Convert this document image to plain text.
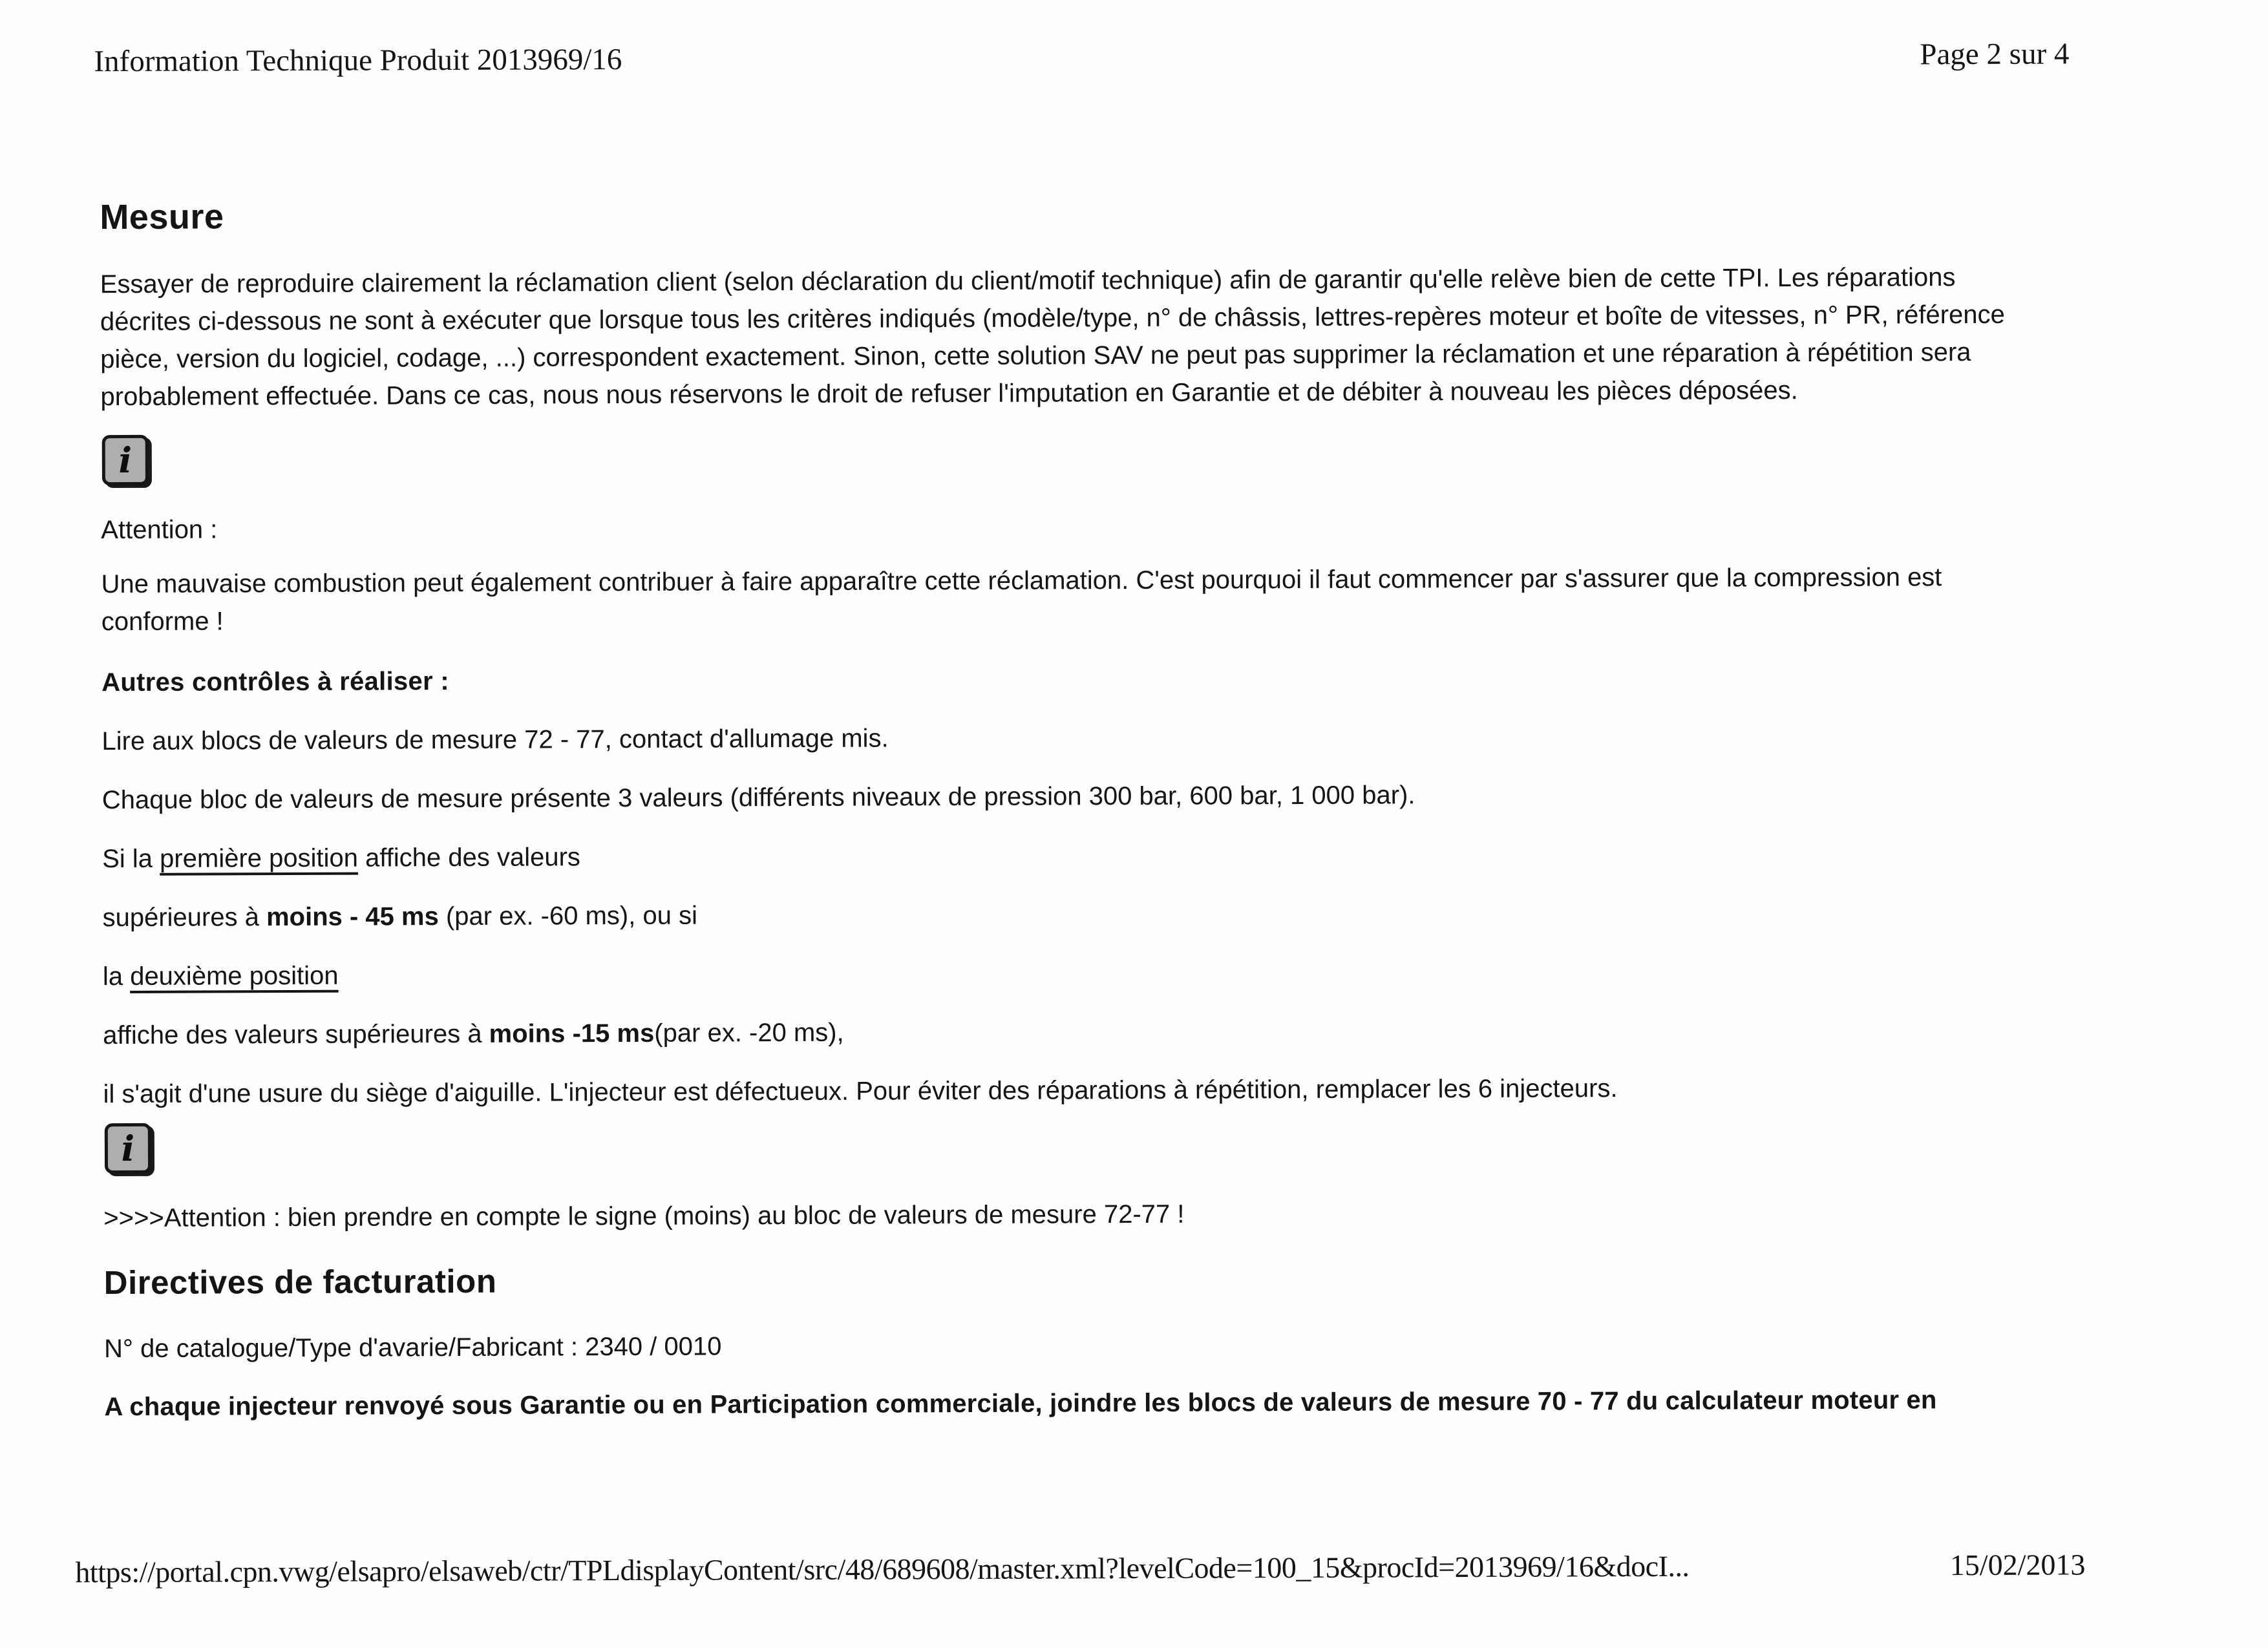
Information Technique Produit 2013969/16	Page 2 sur 4
Mesure

Essayer de reproduire clairement la réclamation client (selon déclaration du client/motif technique) afin de garantir qu'elle relève bien de cette TPI. Les réparations décrites ci-dessous ne sont à exécuter que lorsque tous les critères indiqués (modèle/type, n° de châssis, lettres-repères moteur et boîte de vitesses, n° PR, référence pièce, version du logiciel, codage, ...) correspondent exactement. Sinon, cette solution SAV ne peut pas supprimer la réclamation et une réparation à répétition sera probablement effectuée. Dans ce cas, nous nous réservons le droit de refuser l'imputation en Garantie et de débiter à nouveau les pièces déposées.

i

Attention :

Une mauvaise combustion peut également contribuer à faire apparaître cette réclamation. C'est pourquoi il faut commencer par s'assurer que la compression est conforme !

Autres contrôles à réaliser :

Lire aux blocs de valeurs de mesure 72 - 77, contact d'allumage mis.

Chaque bloc de valeurs de mesure présente 3 valeurs (différents niveaux de pression 300 bar, 600 bar, 1 000 bar).

Si la première position affiche des valeurs

supérieures à moins - 45 ms (par ex. -60 ms), ou si

la deuxième position

affiche des valeurs supérieures à moins -15 ms(par ex. -20 ms),

il s'agit d'une usure du siège d'aiguille. L'injecteur est défectueux. Pour éviter des réparations à répétition, remplacer les 6 injecteurs.

i

>>>>Attention : bien prendre en compte le signe (moins) au bloc de valeurs de mesure 72-77 !

Directives de facturation

N° de catalogue/Type d'avarie/Fabricant : 2340 / 0010

A chaque injecteur renvoyé sous Garantie ou en Participation commerciale, joindre les blocs de valeurs de mesure 70 - 77 du calculateur moteur en

https://portal.cpn.vwg/elsapro/elsaweb/ctr/TPLdisplayContent/src/48/689608/master.xml?levelCode=100_15&procId=2013969/16&docI...	15/02/2013
